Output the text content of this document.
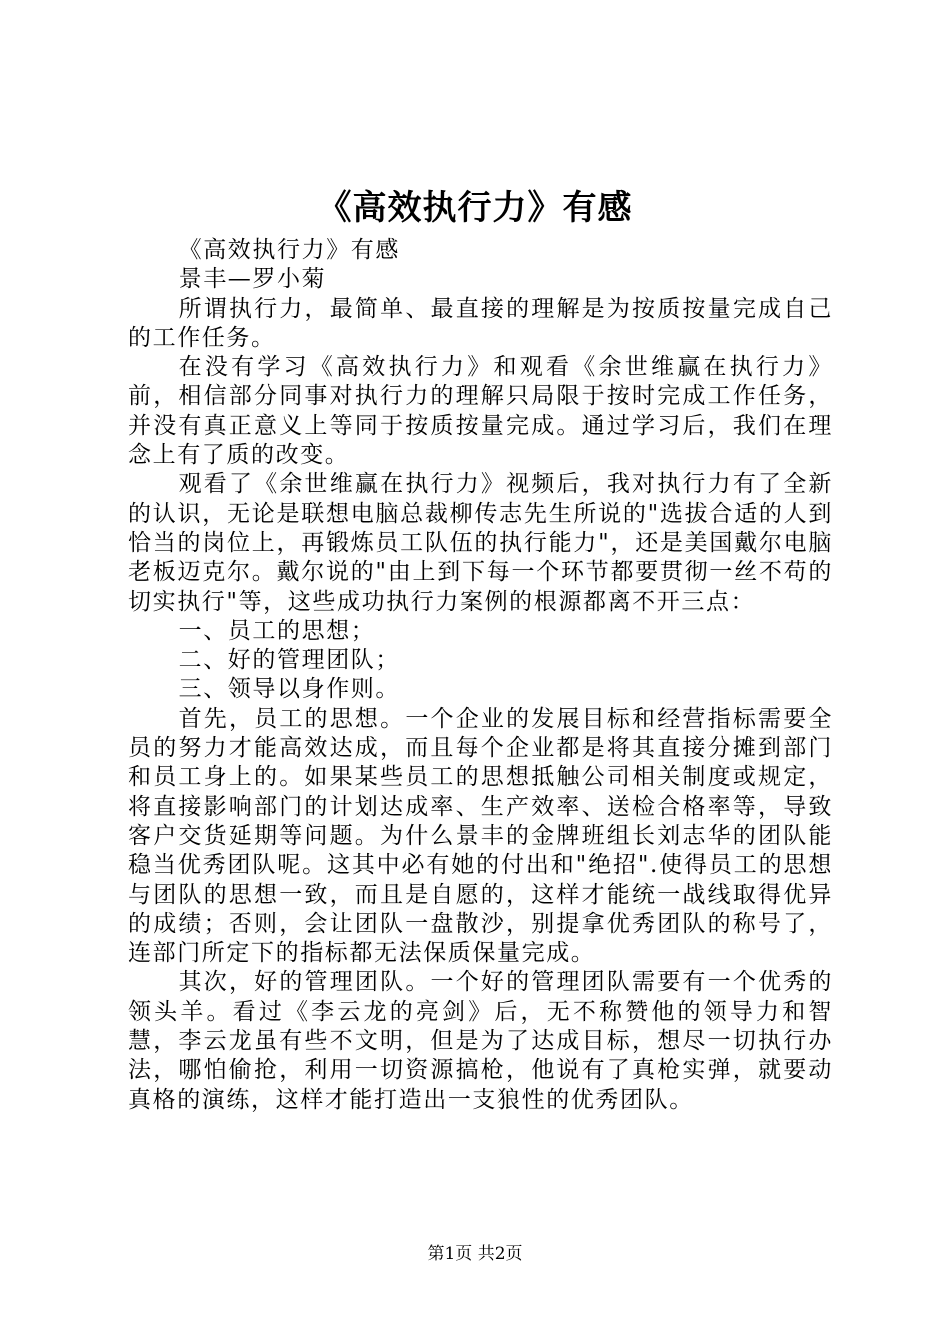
《高效执行力》有感

《高效执行力》有感

景丰—罗小菊

所谓执行力，最简单、最直接的理解是为按质按量完成自己的工作任务。

在没有学习《高效执行力》和观看《余世维赢在执行力》前，相信部分同事对执行力的理解只局限于按时完成工作任务，并没有真正意义上等同于按质按量完成。通过学习后，我们在理念上有了质的改变。

观看了《余世维赢在执行力》视频后，我对执行力有了全新的认识，无论是联想电脑总裁柳传志先生所说的"选拔合适的人到恰当的岗位上，再锻炼员工队伍的执行能力"，还是美国戴尔电脑老板迈克尔。戴尔说的"由上到下每一个环节都要贯彻一丝不苟的切实执行"等，这些成功执行力案例的根源都离不开三点：

一、员工的思想；

二、好的管理团队；

三、领导以身作则。

首先，员工的思想。一个企业的发展目标和经营指标需要全员的努力才能高效达成，而且每个企业都是将其直接分摊到部门和员工身上的。如果某些员工的思想抵触公司相关制度或规定，将直接影响部门的计划达成率、生产效率、送检合格率等，导致客户交货延期等问题。为什么景丰的金牌班组长刘志华的团队能稳当优秀团队呢。这其中必有她的付出和"绝招".使得员工的思想与团队的思想一致，而且是自愿的，这样才能统一战线取得优异的成绩；否则，会让团队一盘散沙，别提拿优秀团队的称号了，连部门所定下的指标都无法保质保量完成。

其次，好的管理团队。一个好的管理团队需要有一个优秀的领头羊。看过《李云龙的亮剑》后，无不称赞他的领导力和智慧，李云龙虽有些不文明，但是为了达成目标，想尽一切执行办法，哪怕偷抢，利用一切资源搞枪，他说有了真枪实弹，就要动真格的演练，这样才能打造出一支狼性的优秀团队。

第1页 共2页
